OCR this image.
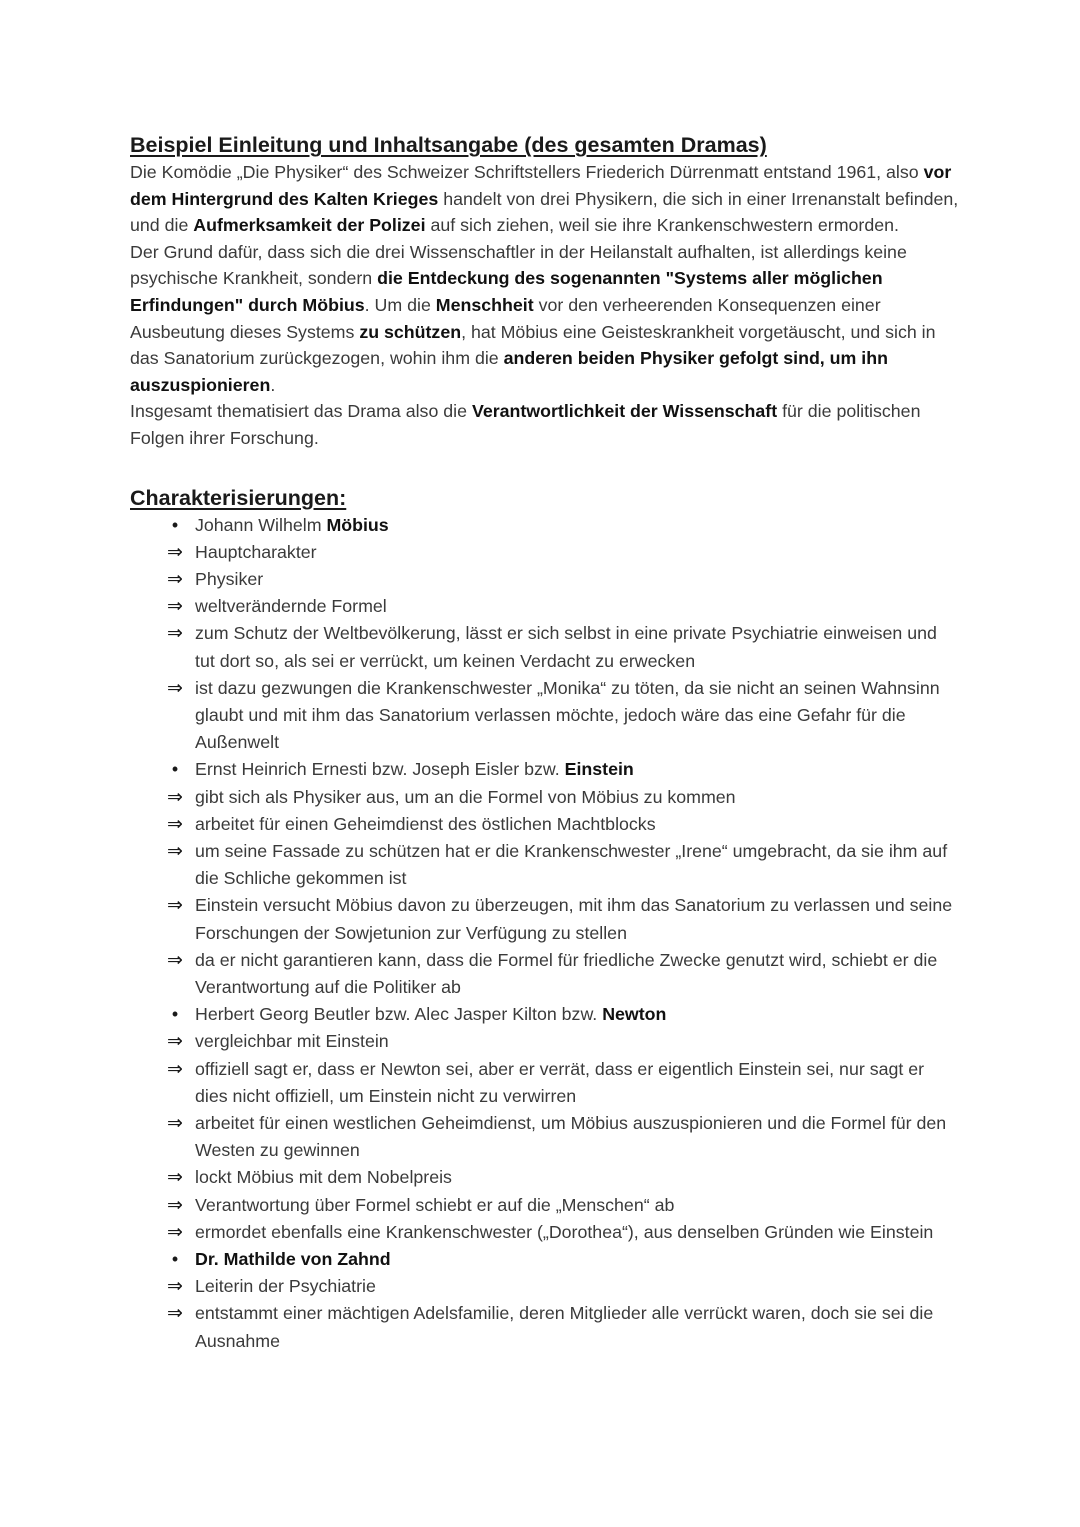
Beispiel Einleitung und Inhaltsangabe (des gesamten Dramas)

Die Komödie „Die Physiker“ des Schweizer Schriftstellers Friederich Dürrenmatt entstand 1961, also vor dem Hintergrund des Kalten Krieges handelt von drei Physikern, die sich in einer Irrenanstalt befinden, und die Aufmerksamkeit der Polizei auf sich ziehen, weil sie ihre Krankenschwestern ermorden.

Der Grund dafür, dass sich die drei Wissenschaftler in der Heilanstalt aufhalten, ist allerdings keine psychische Krankheit, sondern die Entdeckung des sogenannten "Systems aller möglichen Erfindungen" durch Möbius. Um die Menschheit vor den verheerenden Konsequenzen einer Ausbeutung dieses Systems zu schützen, hat Möbius eine Geisteskrankheit vorgetäuscht, und sich in das Sanatorium zurückgezogen, wohin ihm die anderen beiden Physiker gefolgt sind, um ihn auszuspionieren.

Insgesamt thematisiert das Drama also die Verantwortlichkeit der Wissenschaft für die politischen Folgen ihrer Forschung.

Charakterisierungen:
• Johann Wilhelm Möbius
⇒ Hauptcharakter
⇒ Physiker
⇒ weltverändernde Formel
⇒ zum Schutz der Weltbevölkerung, lässt er sich selbst in eine private Psychiatrie einweisen und tut dort so, als sei er verrückt, um keinen Verdacht zu erwecken
⇒ ist dazu gezwungen die Krankenschwester „Monika“ zu töten, da sie nicht an seinen Wahnsinn glaubt und mit ihm das Sanatorium verlassen möchte, jedoch wäre das eine Gefahr für die Außenwelt
• Ernst Heinrich Ernesti bzw. Joseph Eisler bzw. Einstein
⇒ gibt sich als Physiker aus, um an die Formel von Möbius zu kommen
⇒ arbeitet für einen Geheimdienst des östlichen Machtblocks
⇒ um seine Fassade zu schützen hat er die Krankenschwester „Irene“ umgebracht, da sie ihm auf die Schliche gekommen ist
⇒ Einstein versucht Möbius davon zu überzeugen, mit ihm das Sanatorium zu verlassen und seine Forschungen der Sowjetunion zur Verfügung zu stellen
⇒ da er nicht garantieren kann, dass die Formel für friedliche Zwecke genutzt wird, schiebt er die Verantwortung auf die Politiker ab
• Herbert Georg Beutler bzw. Alec Jasper Kilton bzw. Newton
⇒ vergleichbar mit Einstein
⇒ offiziell sagt er, dass er Newton sei, aber er verrät, dass er eigentlich Einstein sei, nur sagt er dies nicht offiziell, um Einstein nicht zu verwirren
⇒ arbeitet für einen westlichen Geheimdienst, um Möbius auszuspionieren und die Formel für den Westen zu gewinnen
⇒ lockt Möbius mit dem Nobelpreis
⇒ Verantwortung über Formel schiebt er auf die „Menschen“ ab
⇒ ermordet ebenfalls eine Krankenschwester („Dorothea“), aus denselben Gründen wie Einstein
• Dr. Mathilde von Zahnd
⇒ Leiterin der Psychiatrie
⇒ entstammt einer mächtigen Adelsfamilie, deren Mitglieder alle verrückt waren, doch sie sei die Ausnahme
